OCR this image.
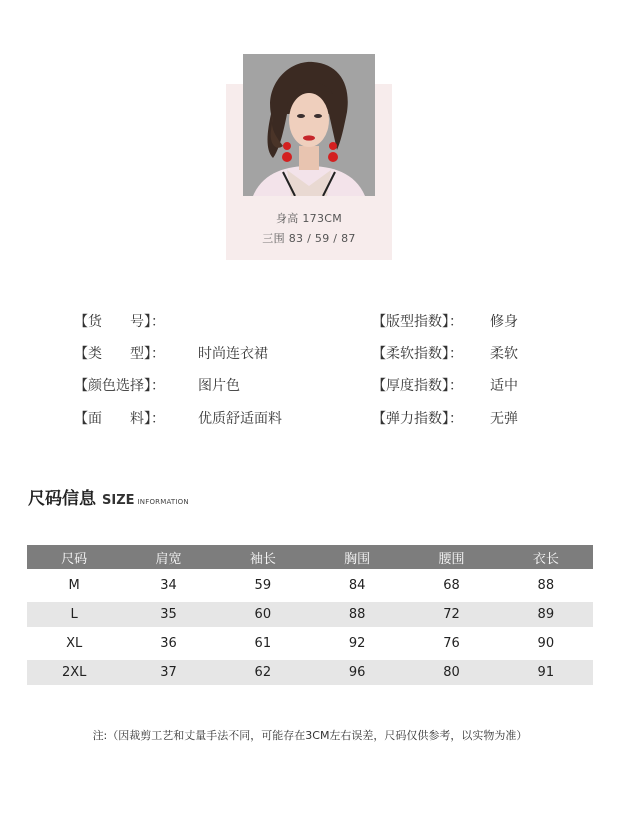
身高 173CM
三围 83 / 59 / 87
【货　　号】：
【类　　型】： 时尚连衣裙
【颜色选择】： 图片色
【面　　料】： 优质舒适面料
【版型指数】： 修身
【柔软指数】： 柔软
【厚度指数】： 适中
【弹力指数】： 无弹
尺码信息 SIZE INFORMATION
尺码	肩宽	袖长	胸围	腰围	衣长

M	34	59	84	68	88

L	35	60	88	72	89

XL	36	61	92	76	90

2XL	37	62	96	80	91
注:（因裁剪工艺和丈量手法不同，可能存在3CM左右误差，尺码仅供参考，以实物为准）
